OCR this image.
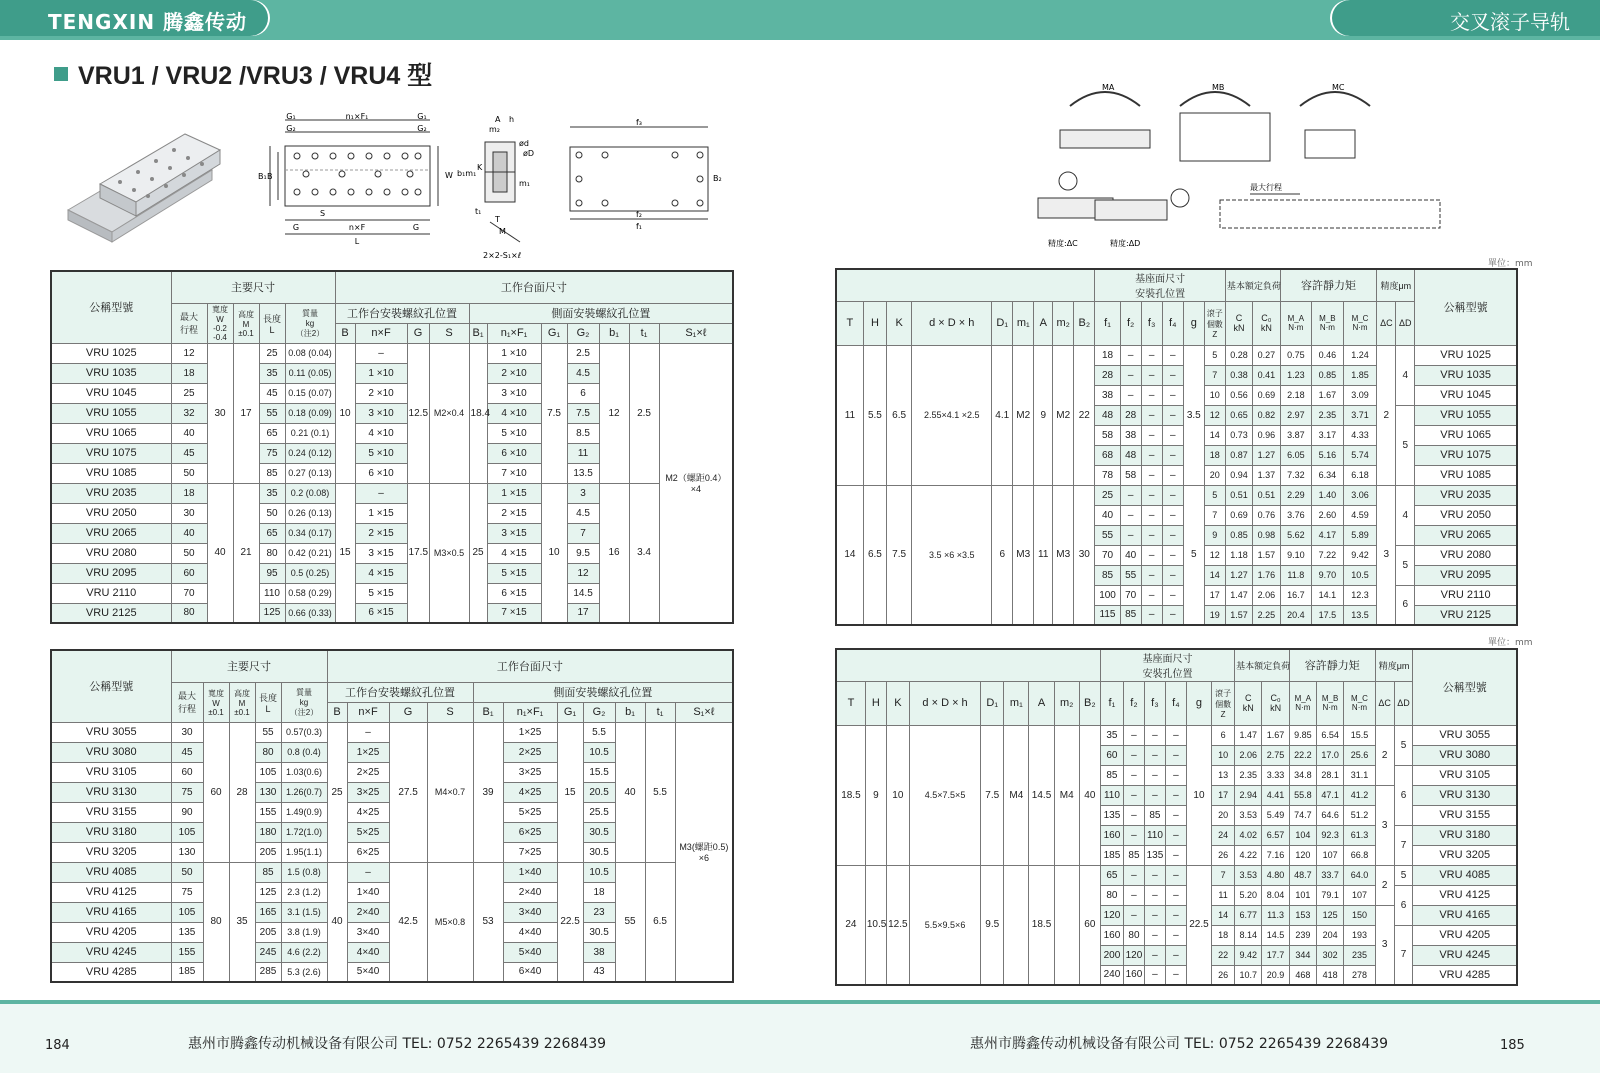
TENGXIN 腾鑫传动	交叉滚子导轨
VRU1 / VRU2 /VRU3 / VRU4 型
n₁×F₁
G₁	G₁
G₂	G₂
B₁ B
S
n×F
G	G
L
A h
m₂
ød
øD
W b₁m₁
K
m₁
t₁
T
M
2×2-S₁×ℓ
f₃
B₂
f₂
f₁
MA	MB	MC
精度:ΔC	精度:ΔD
最大行程
單位：mm
單位：mm
公稱型號	主要尺寸					工作台面尺寸										
	最大
行程	寬度
W
-0.2
-0.4	高度
M
±0.1	長度
L	質量
kg
（注2）	工作台安裝螺紋孔位置				側面安裝螺紋孔位置						
						B	n×F	G	S	B₁	n₁×F₁	G₁	G₂	b₁	t₁	S₁×ℓ
VRU 1025	12	30	17	25	0.08 (0.04)	10	–	12.5	M2×0.4	18.4	1 ×10	7.5	2.5	12	2.5	M2（螺距0.4）
×4
VRU 1035	18			35	0.11 (0.05)		1 ×10				2 ×10		4.5			
VRU 1045	25			45	0.15 (0.07)		2 ×10				3 ×10		6			
VRU 1055	32			55	0.18 (0.09)		3 ×10				4 ×10		7.5			
VRU 1065	40			65	0.21 (0.1)		4 ×10				5 ×10		8.5			
VRU 1075	45			75	0.24 (0.12)		5 ×10				6 ×10		11			
VRU 1085	50			85	0.27 (0.13)		6 ×10				7 ×10		13.5			
VRU 2035	18	40	21	35	0.2 (0.08)	15	–	17.5	M3×0.5	25	1 ×15	10	3	16	3.4	
VRU 2050	30			50	0.26 (0.13)		1 ×15				2 ×15		4.5			
VRU 2065	40			65	0.34 (0.17)		2 ×15				3 ×15		7			
VRU 2080	50			80	0.42 (0.21)		3 ×15				4 ×15		9.5			
VRU 2095	60			95	0.5 (0.25)		4 ×15				5 ×15		12			
VRU 2110	70			110	0.58 (0.29)		5 ×15				6 ×15		14.5			
VRU 2125	80			125	0.66 (0.33)		6 ×15				7 ×15		17			
公稱型號	主要尺寸					工作台面尺寸										
	最大
行程	寬度
W
±0.1	高度
M
±0.1	長度
L	質量
kg
（注2）	工作台安裝螺紋孔位置				側面安裝螺紋孔位置						
						B	n×F	G	S	B₁	n₁×F₁	G₁	G₂	b₁	t₁	S₁×ℓ
VRU 3055	30	60	28	55	0.57(0.3)	25	–	27.5	M4×0.7	39	1×25	15	5.5	40	5.5	M3(螺距0.5)
×6
VRU 3080	45			80	0.8 (0.4)		1×25				2×25		10.5			
VRU 3105	60			105	1.03(0.6)		2×25				3×25		15.5			
VRU 3130	75			130	1.26(0.7)		3×25				4×25		20.5			
VRU 3155	90			155	1.49(0.9)		4×25				5×25		25.5			
VRU 3180	105			180	1.72(1.0)		5×25				6×25		30.5			
VRU 3205	130			205	1.95(1.1)		6×25				7×25		30.5			
VRU 4085	50	80	35	85	1.5 (0.8)	40	–	42.5	M5×0.8	53	1×40	22.5	10.5	55	6.5	
VRU 4125	75			125	2.3 (1.2)		1×40				2×40		18			
VRU 4165	105			165	3.1 (1.5)		2×40				3×40		23			
VRU 4205	135			205	3.8 (1.9)		3×40				4×40		30.5			
VRU 4245	155			245	4.6 (2.2)		4×40				5×40		38			
VRU 4285	185			285	5.3 (2.6)		5×40				6×40		43			
									基座面尺寸
安裝孔位置						基本額定負荷		容許靜力矩			精度μm		公稱型號
T	H	K	d × D × h	D₁	m₁	A	m₂	B₂	f₁	f₂	f₃	f₄	g	滾子
個數
Z	C
kN	C₀
kN	M_A
N·m	M_B
N·m	M_C
N·m	ΔC	ΔD	
11	5.5	6.5	2.55×4.1 ×2.5	4.1	M2	9	M2	22	18	–	–	–	3.5	5	0.28	0.27	0.75	0.46	1.24	2	4	VRU 1025
									28	–	–	–		7	0.38	0.41	1.23	0.85	1.85			VRU 1035
									38	–	–	–		10	0.56	0.69	2.18	1.67	3.09			VRU 1045
									48	28	–	–		12	0.65	0.82	2.97	2.35	3.71		5	VRU 1055
									58	38	–	–		14	0.73	0.96	3.87	3.17	4.33			VRU 1065
									68	48	–	–		18	0.87	1.27	6.05	5.16	5.74			VRU 1075
									78	58	–	–		20	0.94	1.37	7.32	6.34	6.18			VRU 1085
14	6.5	7.5	3.5 ×6 ×3.5	6	M3	11	M3	30	25	–	–	–	5	5	0.51	0.51	2.29	1.40	3.06	3	4	VRU 2035
									40	–	–	–		7	0.69	0.76	3.76	2.60	4.59			VRU 2050
									55	–	–	–		9	0.85	0.98	5.62	4.17	5.89			VRU 2065
									70	40	–	–		12	1.18	1.57	9.10	7.22	9.42		5	VRU 2080
									85	55	–	–		14	1.27	1.76	11.8	9.70	10.5			VRU 2095
									100	70	–	–		17	1.47	2.06	16.7	14.1	12.3		6	VRU 2110
									115	85	–	–		19	1.57	2.25	20.4	17.5	13.5			VRU 2125
									基座面尺寸
安裝孔位置						基本額定負荷		容許靜力矩			精度μm		公稱型號
T	H	K	d × D × h	D₁	m₁	A	m₂	B₂	f₁	f₂	f₃	f₄	g	滾子
個數
Z	C
kN	C₀
kN	M_A
N·m	M_B
N·m	M_C
N·m	ΔC	ΔD	
18.5	9	10	4.5×7.5×5	7.5	M4	14.5	M4	40	35	–	–	–	10	6	1.47	1.67	9.85	6.54	15.5	2	5	VRU 3055
									60	–	–	–		10	2.06	2.75	22.2	17.0	25.6			VRU 3080
									85	–	–	–		13	2.35	3.33	34.8	28.1	31.1		6	VRU 3105
									110	–	–	–		17	2.94	4.41	55.8	47.1	41.2	3		VRU 3130
									135	–	85	–		20	3.53	5.49	74.7	64.6	51.2			VRU 3155
									160	–	110	–		24	4.02	6.57	104	92.3	61.3		7	VRU 3180
									185	85	135	–		26	4.22	7.16	120	107	66.8			VRU 3205
24	10.5	12.5	5.5×9.5×6	9.5		18.5		60	65	–	–	–	22.5	7	3.53	4.80	48.7	33.7	64.0	2	5	VRU 4085
									80	–	–	–		11	5.20	8.04	101	79.1	107		6	VRU 4125
									120	–	–	–		14	6.77	11.3	153	125	150	3		VRU 4165
									160	80	–	–		18	8.14	14.5	239	204	193		7	VRU 4205
									200	120	–	–		22	9.42	17.7	344	302	235			VRU 4245
									240	160	–	–		26	10.7	20.9	468	418	278			VRU 4285
184	惠州市腾鑫传动机械设备有限公司 TEL: 0752 2265439 2268439	惠州市腾鑫传动机械设备有限公司 TEL: 0752 2265439 2268439	185
